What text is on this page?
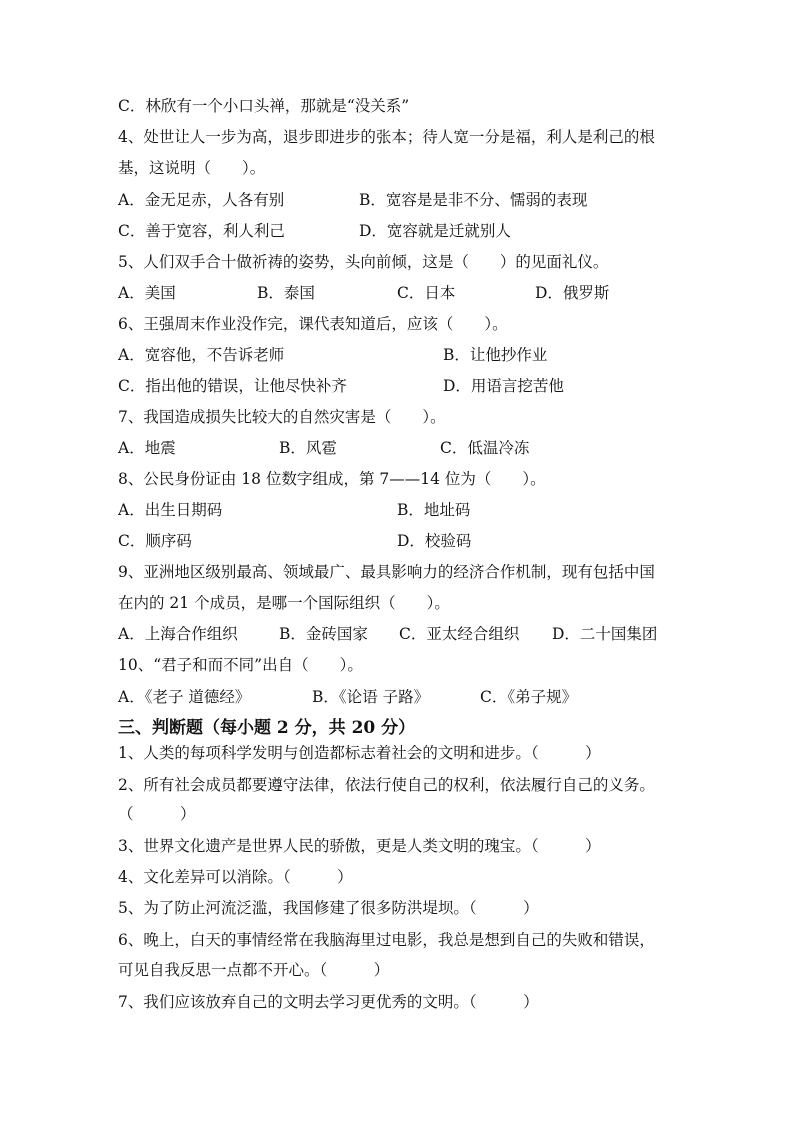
C．林欣有一个小口头禅，那就是“没关系”
4、处世让人一步为高，退步即进步的张本；待人宽一分是福，利人是利己的根
基，这说明（　　）。
A．金无足赤，人各有别	B．宽容是是非不分、懦弱的表现
C．善于宽容，利人利己	D．宽容就是迁就别人
5、人们双手合十做祈祷的姿势，头向前倾，这是（　　）的见面礼仪。
A．美国	B．泰国	C．日本	D．俄罗斯
6、王强周末作业没作完，课代表知道后，应该（　　）。
A．宽容他，不告诉老师	B．让他抄作业
C．指出他的错误，让他尽快补齐	D．用语言挖苦他
7、我国造成损失比较大的自然灾害是（　　）。
A．地震	B．风雹	C．低温冷冻
8、公民身份证由 18 位数字组成，第 7——14 位为（　　）。
A．出生日期码	B．地址码
C．顺序码	D．校验码
9、亚洲地区级别最高、领域最广、最具影响力的经济合作机制，现有包括中国
在内的 21 个成员，是哪一个国际组织（　　）。
A．上海合作组织	B．金砖国家 C．亚太经合组织 D．二十国集团
10、“君子和而不同”出自（　　）。
A．《老子 道德经》	B．《论语 子路》	C．《弟子规》
三、判断题（每小题 2 分，共 20 分）
1、人类的每项科学发明与创造都标志着社会的文明和进步。（　　　）
2、所有社会成员都要遵守法律，依法行使自己的权利，依法履行自己的义务。
（　　　）
3、世界文化遗产是世界人民的骄傲，更是人类文明的瑰宝。（　　　）
4、文化差异可以消除。（　　　）
5、为了防止河流泛滥，我国修建了很多防洪堤坝。（　　　）
6、晚上，白天的事情经常在我脑海里过电影，我总是想到自己的失败和错误，
可见自我反思一点都不开心。（　　　）
7、我们应该放弃自己的文明去学习更优秀的文明。（　　　）
